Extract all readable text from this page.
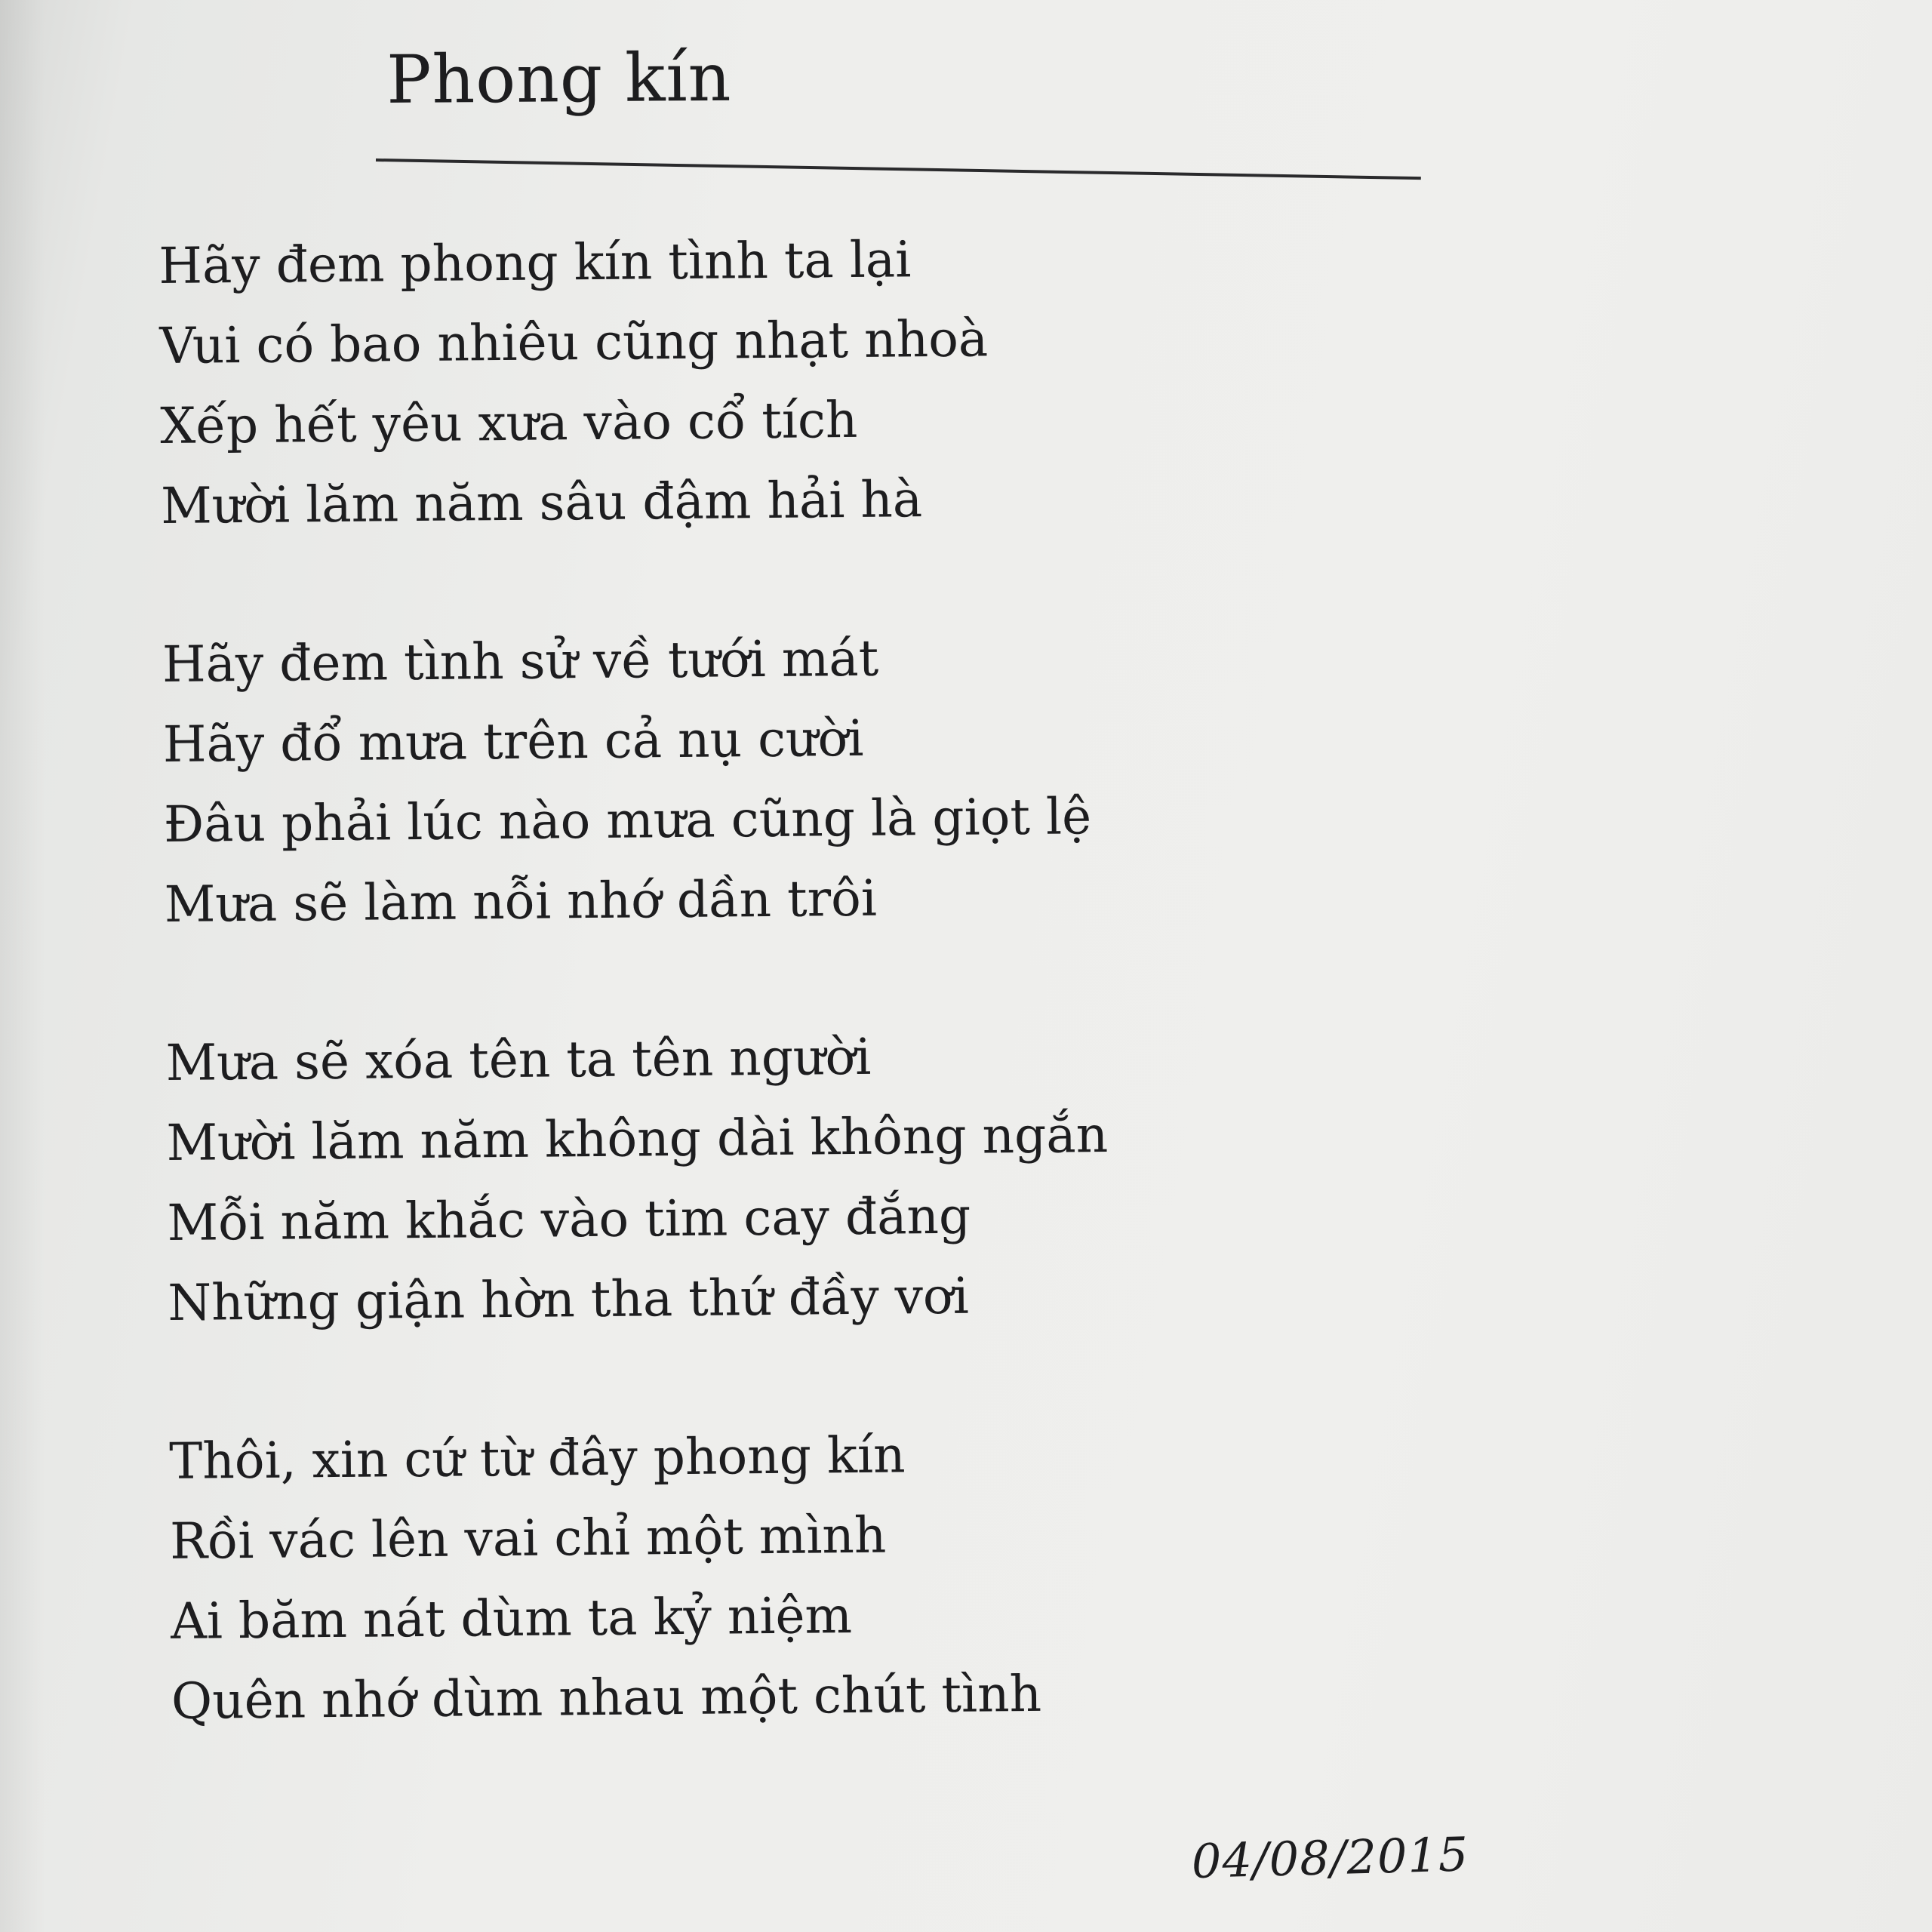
Phong kín
Hãy đem phong kín tình ta lại
Vui có bao nhiêu cũng nhạt nhoà
Xếp hết yêu xưa vào cổ tích
Mười lăm năm sâu đậm hải hà
Hãy đem tình sử về tưới mát
Hãy đổ mưa trên cả nụ cười
Đâu phải lúc nào mưa cũng là giọt lệ
Mưa sẽ làm nỗi nhớ dần trôi
Mưa sẽ xóa tên ta tên người
Mười lăm năm không dài không ngắn
Mỗi năm khắc vào tim cay đắng
Những giận hờn tha thứ đầy vơi
Thôi, xin cứ từ đây phong kín
Rồi vác lên vai chỉ một mình
Ai băm nát dùm ta kỷ niệm
Quên nhớ dùm nhau một chút tình
04/08/2015
